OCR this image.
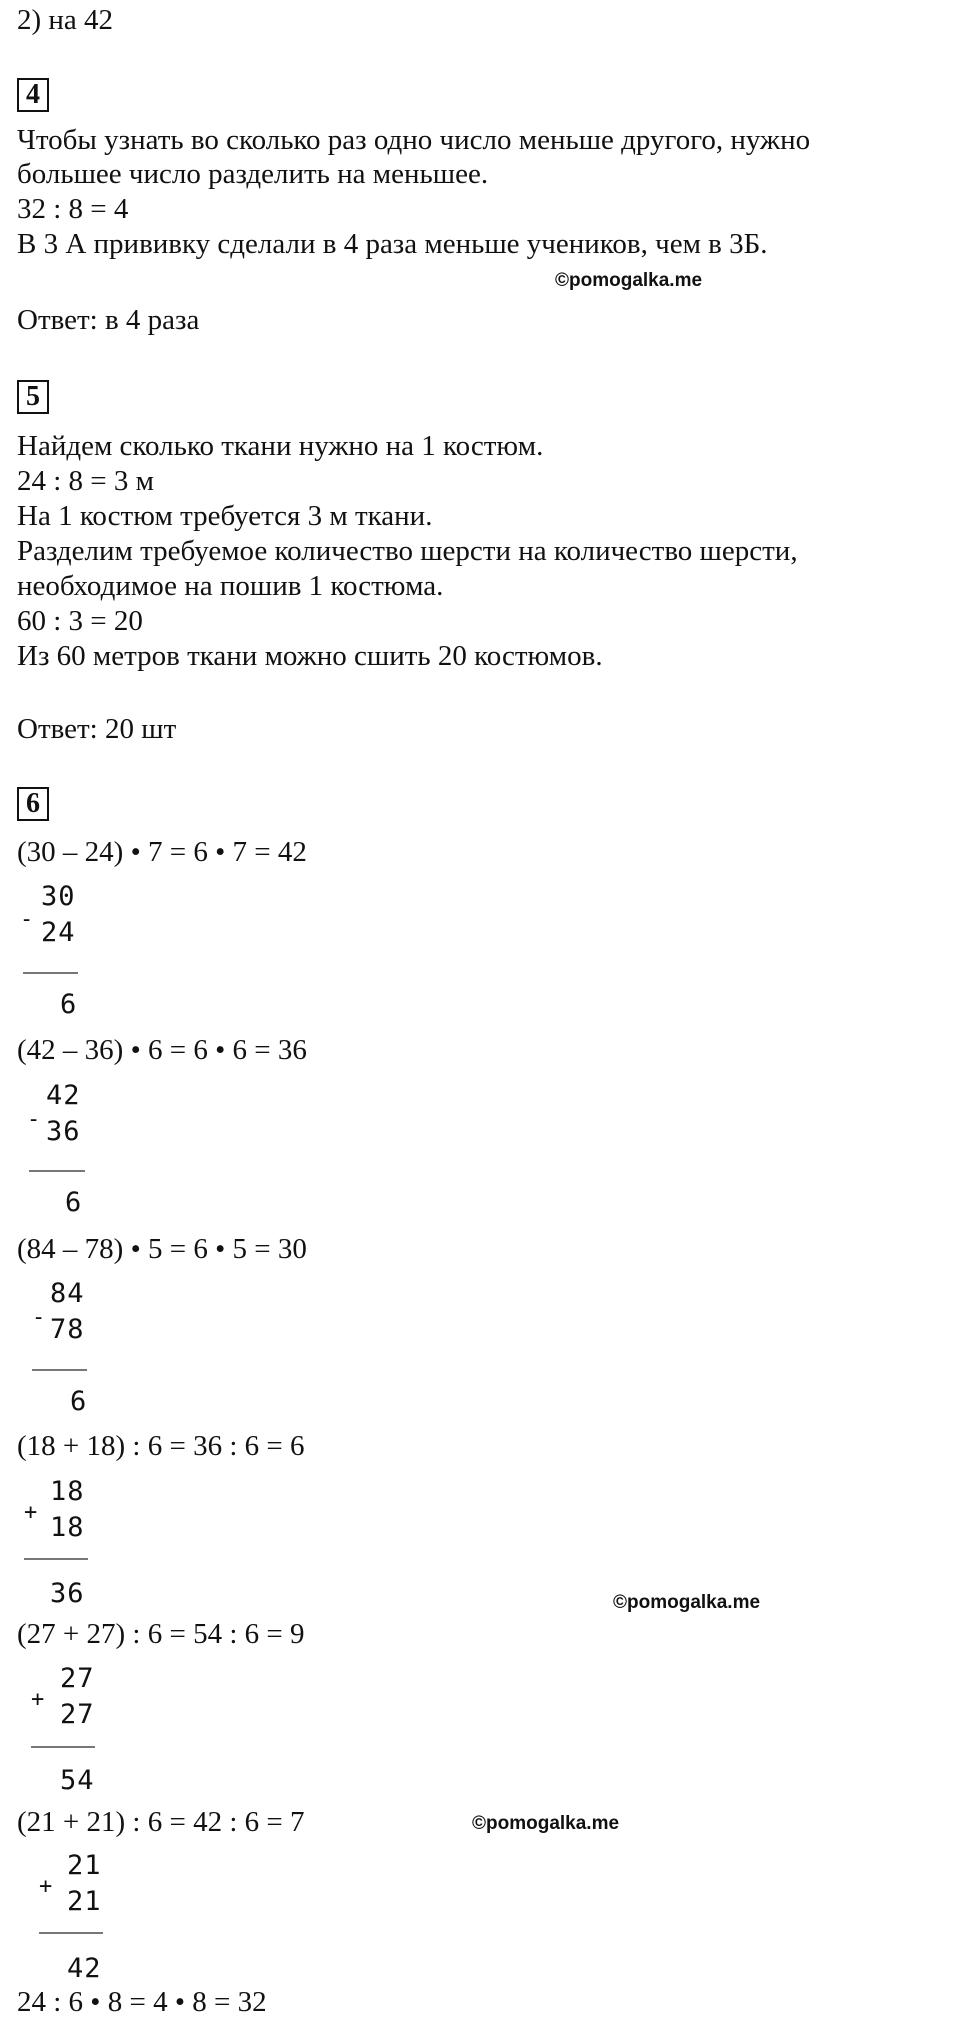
2) на 42
4
Чтобы узнать во сколько раз одно число меньше другого, нужно
большее число разделить на меньшее.
32 : 8 = 4
В 3 А прививку сделали в 4 раза меньше учеников, чем в 3Б.
©pomogalka.me
Ответ: в 4 раза
5
Найдем сколько ткани нужно на 1 костюм.
24 : 8 = 3 м
На 1 костюм требуется 3 м ткани.
Разделим требуемое количество шерсти на количество шерсти,
необходимое на пошив 1 костюма.
60 : 3 = 20
Из 60 метров ткани можно сшить 20 костюмов.
Ответ: 20 шт
6
(30 – 24) • 7 = 6 • 7 = 42
-
30
24
6
(42 – 36) • 6 = 6 • 6 = 36
-
42
36
6
(84 – 78) • 5 = 6 • 5 = 30
-
84
78
6
(18 + 18) : 6 = 36 : 6 = 6
+
18
18
36	©pomogalka.me
(27 + 27) : 6 = 54 : 6 = 9
+
27
27
54
(21 + 21) : 6 = 42 : 6 = 7	©pomogalka.me
+
21
21
42
24 : 6 • 8 = 4 • 8 = 32
